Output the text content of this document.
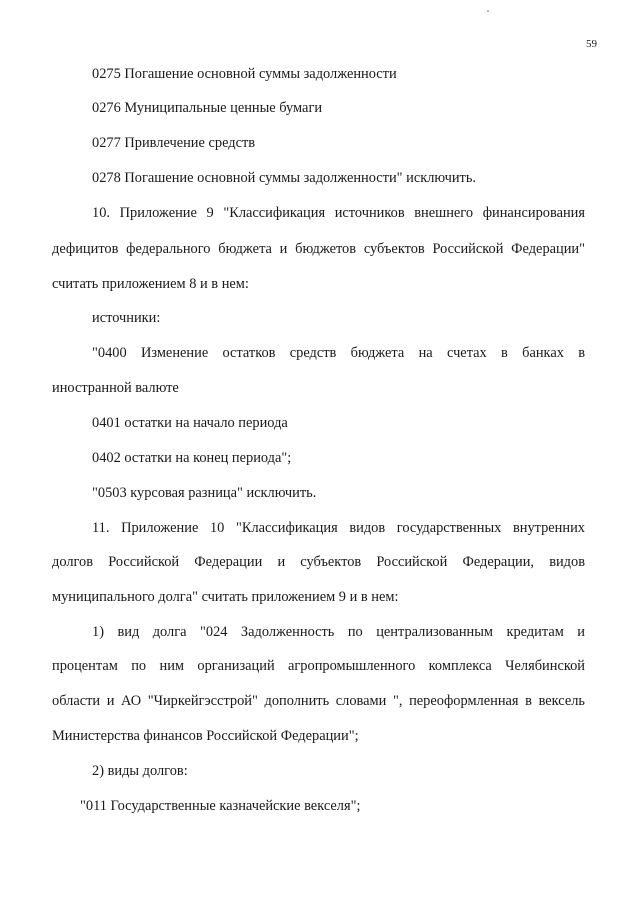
59
0275 Погашение основной суммы задолженности
0276 Муниципальные ценные бумаги
0277 Привлечение средств
0278 Погашение основной суммы задолженности" исключить.
10. Приложение 9 "Классификация источников внешнего финансирования
дефицитов федерального бюджета и бюджетов субъектов Российской Федерации"
считать приложением 8 и в нем:
источники:
"0400 Изменение остатков средств бюджета на счетах в банках в
иностранной валюте
0401 остатки на начало периода
0402 остатки на конец периода";
"0503 курсовая разница" исключить.
11. Приложение 10 "Классификация видов государственных внутренних
долгов Российской Федерации и субъектов Российской Федерации, видов
муниципального долга" считать приложением 9 и в нем:
1) вид долга "024 Задолженность по централизованным кредитам и
процентам по ним организаций агропромышленного комплекса Челябинской
области и АО "Чиркейгэсстрой" дополнить словами ", переоформленная в вексель
Министерства финансов Российской Федерации";
2) виды долгов:
"011 Государственные казначейские векселя";
